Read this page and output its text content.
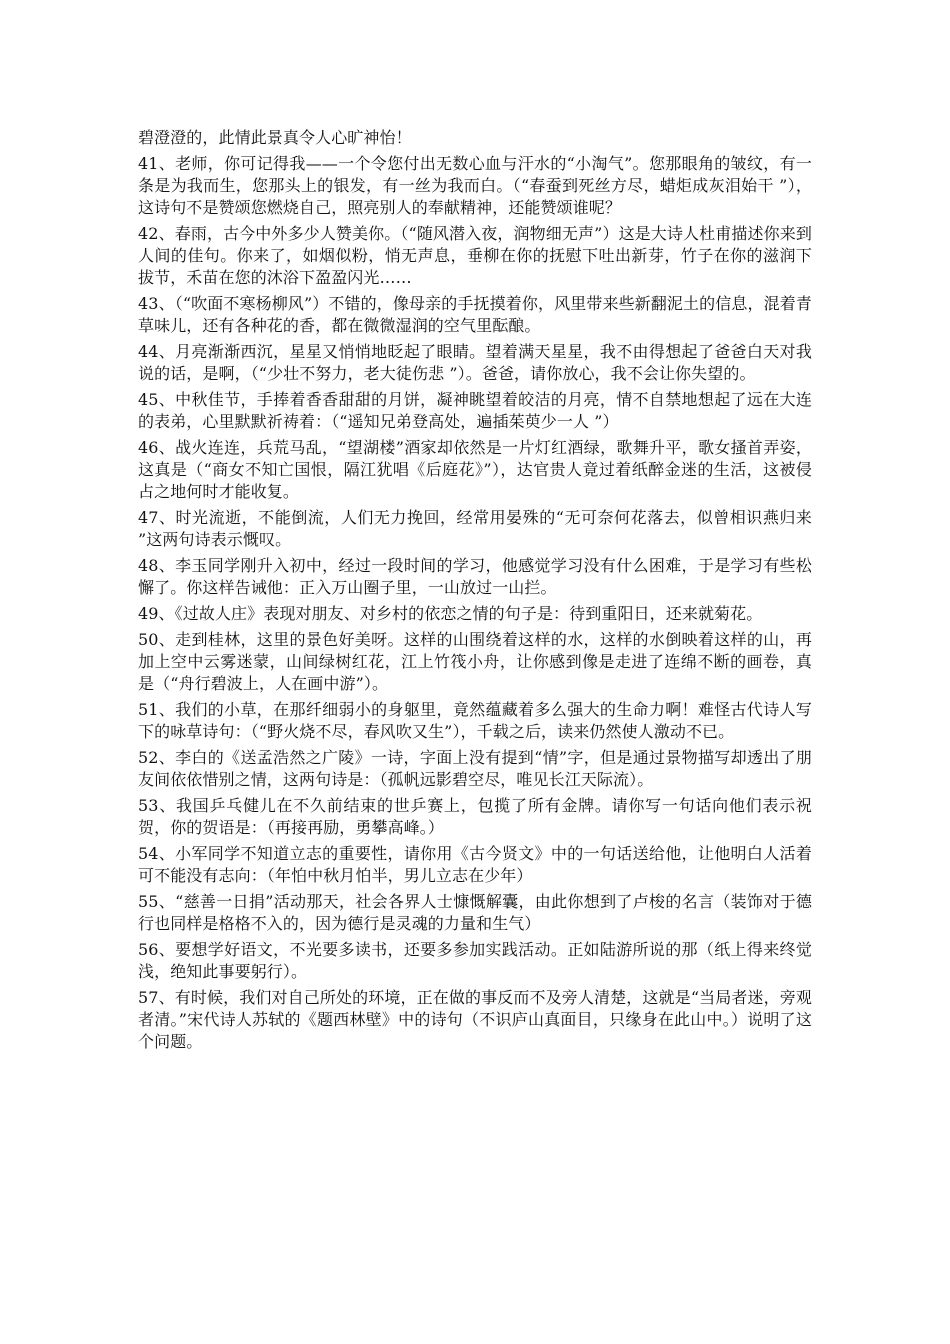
碧澄澄的，此情此景真令人心旷神怡！

41、老师，你可记得我——一个令您付出无数心血与汗水的“小淘气”。您那眼角的皱纹，有一条是为我而生，您那头上的银发，有一丝为我而白。（“春蚕到死丝方尽，蜡炬成灰泪始干 ”），这诗句不是赞颂您燃烧自己，照亮别人的奉献精神，还能赞颂谁呢？

42、春雨，古今中外多少人赞美你。（“随风潜入夜，润物细无声”）这是大诗人杜甫描述你来到人间的佳句。你来了，如烟似粉，悄无声息，垂柳在你的抚慰下吐出新芽，竹子在你的滋润下拔节，禾苗在您的沐浴下盈盈闪光……

43、（“吹面不寒杨柳风”）不错的，像母亲的手抚摸着你，风里带来些新翻泥土的信息，混着青草味儿，还有各种花的香，都在微微湿润的空气里酝酿。

44、月亮渐渐西沉，星星又悄悄地眨起了眼睛。望着满天星星，我不由得想起了爸爸白天对我说的话，是啊，（“少壮不努力，老大徒伤悲 ”）。爸爸，请你放心，我不会让你失望的。

45、中秋佳节，手捧着香香甜甜的月饼，凝神眺望着皎洁的月亮，情不自禁地想起了远在大连的表弟，心里默默祈祷着：（“遥知兄弟登高处，遍插茱萸少一人 ”）

46、战火连连，兵荒马乱，“望湖楼”酒家却依然是一片灯红酒绿，歌舞升平，歌女搔首弄姿，这真是（“商女不知亡国恨，隔江犹唱《后庭花》”），达官贵人竟过着纸醉金迷的生活，这被侵占之地何时才能收复。

47、时光流逝，不能倒流，人们无力挽回，经常用晏殊的“无可奈何花落去，似曾相识燕归来 ”这两句诗表示慨叹。

48、李玉同学刚升入初中，经过一段时间的学习，他感觉学习没有什么困难，于是学习有些松懈了。你这样告诫他：正入万山圈子里，一山放过一山拦。

49、《过故人庄》表现对朋友、对乡村的依恋之情的句子是：待到重阳日，还来就菊花。

50、走到桂林，这里的景色好美呀。这样的山围绕着这样的水，这样的水倒映着这样的山，再加上空中云雾迷蒙，山间绿树红花，江上竹筏小舟，让你感到像是走进了连绵不断的画卷，真是（“舟行碧波上，人在画中游”）。

51、我们的小草，在那纤细弱小的身躯里，竟然蕴藏着多么强大的生命力啊！难怪古代诗人写下的咏草诗句：（“野火烧不尽，春风吹又生”），千载之后，读来仍然使人激动不已。

52、李白的《送孟浩然之广陵》一诗，字面上没有提到“情”字，但是通过景物描写却透出了朋友间依依惜别之情，这两句诗是：（孤帆远影碧空尽，唯见长江天际流）。

53、我国乒乓健儿在不久前结束的世乒赛上，包揽了所有金牌。请你写一句话向他们表示祝贺，你的贺语是：（再接再励，勇攀高峰。）

54、小军同学不知道立志的重要性，请你用《古今贤文》中的一句话送给他，让他明白人活着可不能没有志向：（年怕中秋月怕半，男儿立志在少年）

55、“慈善一日捐”活动那天，社会各界人士慷慨解囊，由此你想到了卢梭的名言（装饰对于德行也同样是格格不入的，因为德行是灵魂的力量和生气）

56、要想学好语文，不光要多读书，还要多参加实践活动。正如陆游所说的那（纸上得来终觉浅，绝知此事要躬行）。

57、有时候，我们对自己所处的环境，正在做的事反而不及旁人清楚，这就是“当局者迷，旁观者清。”宋代诗人苏轼的《题西林壁》中的诗句（不识庐山真面目，只缘身在此山中。）说明了这个问题。
